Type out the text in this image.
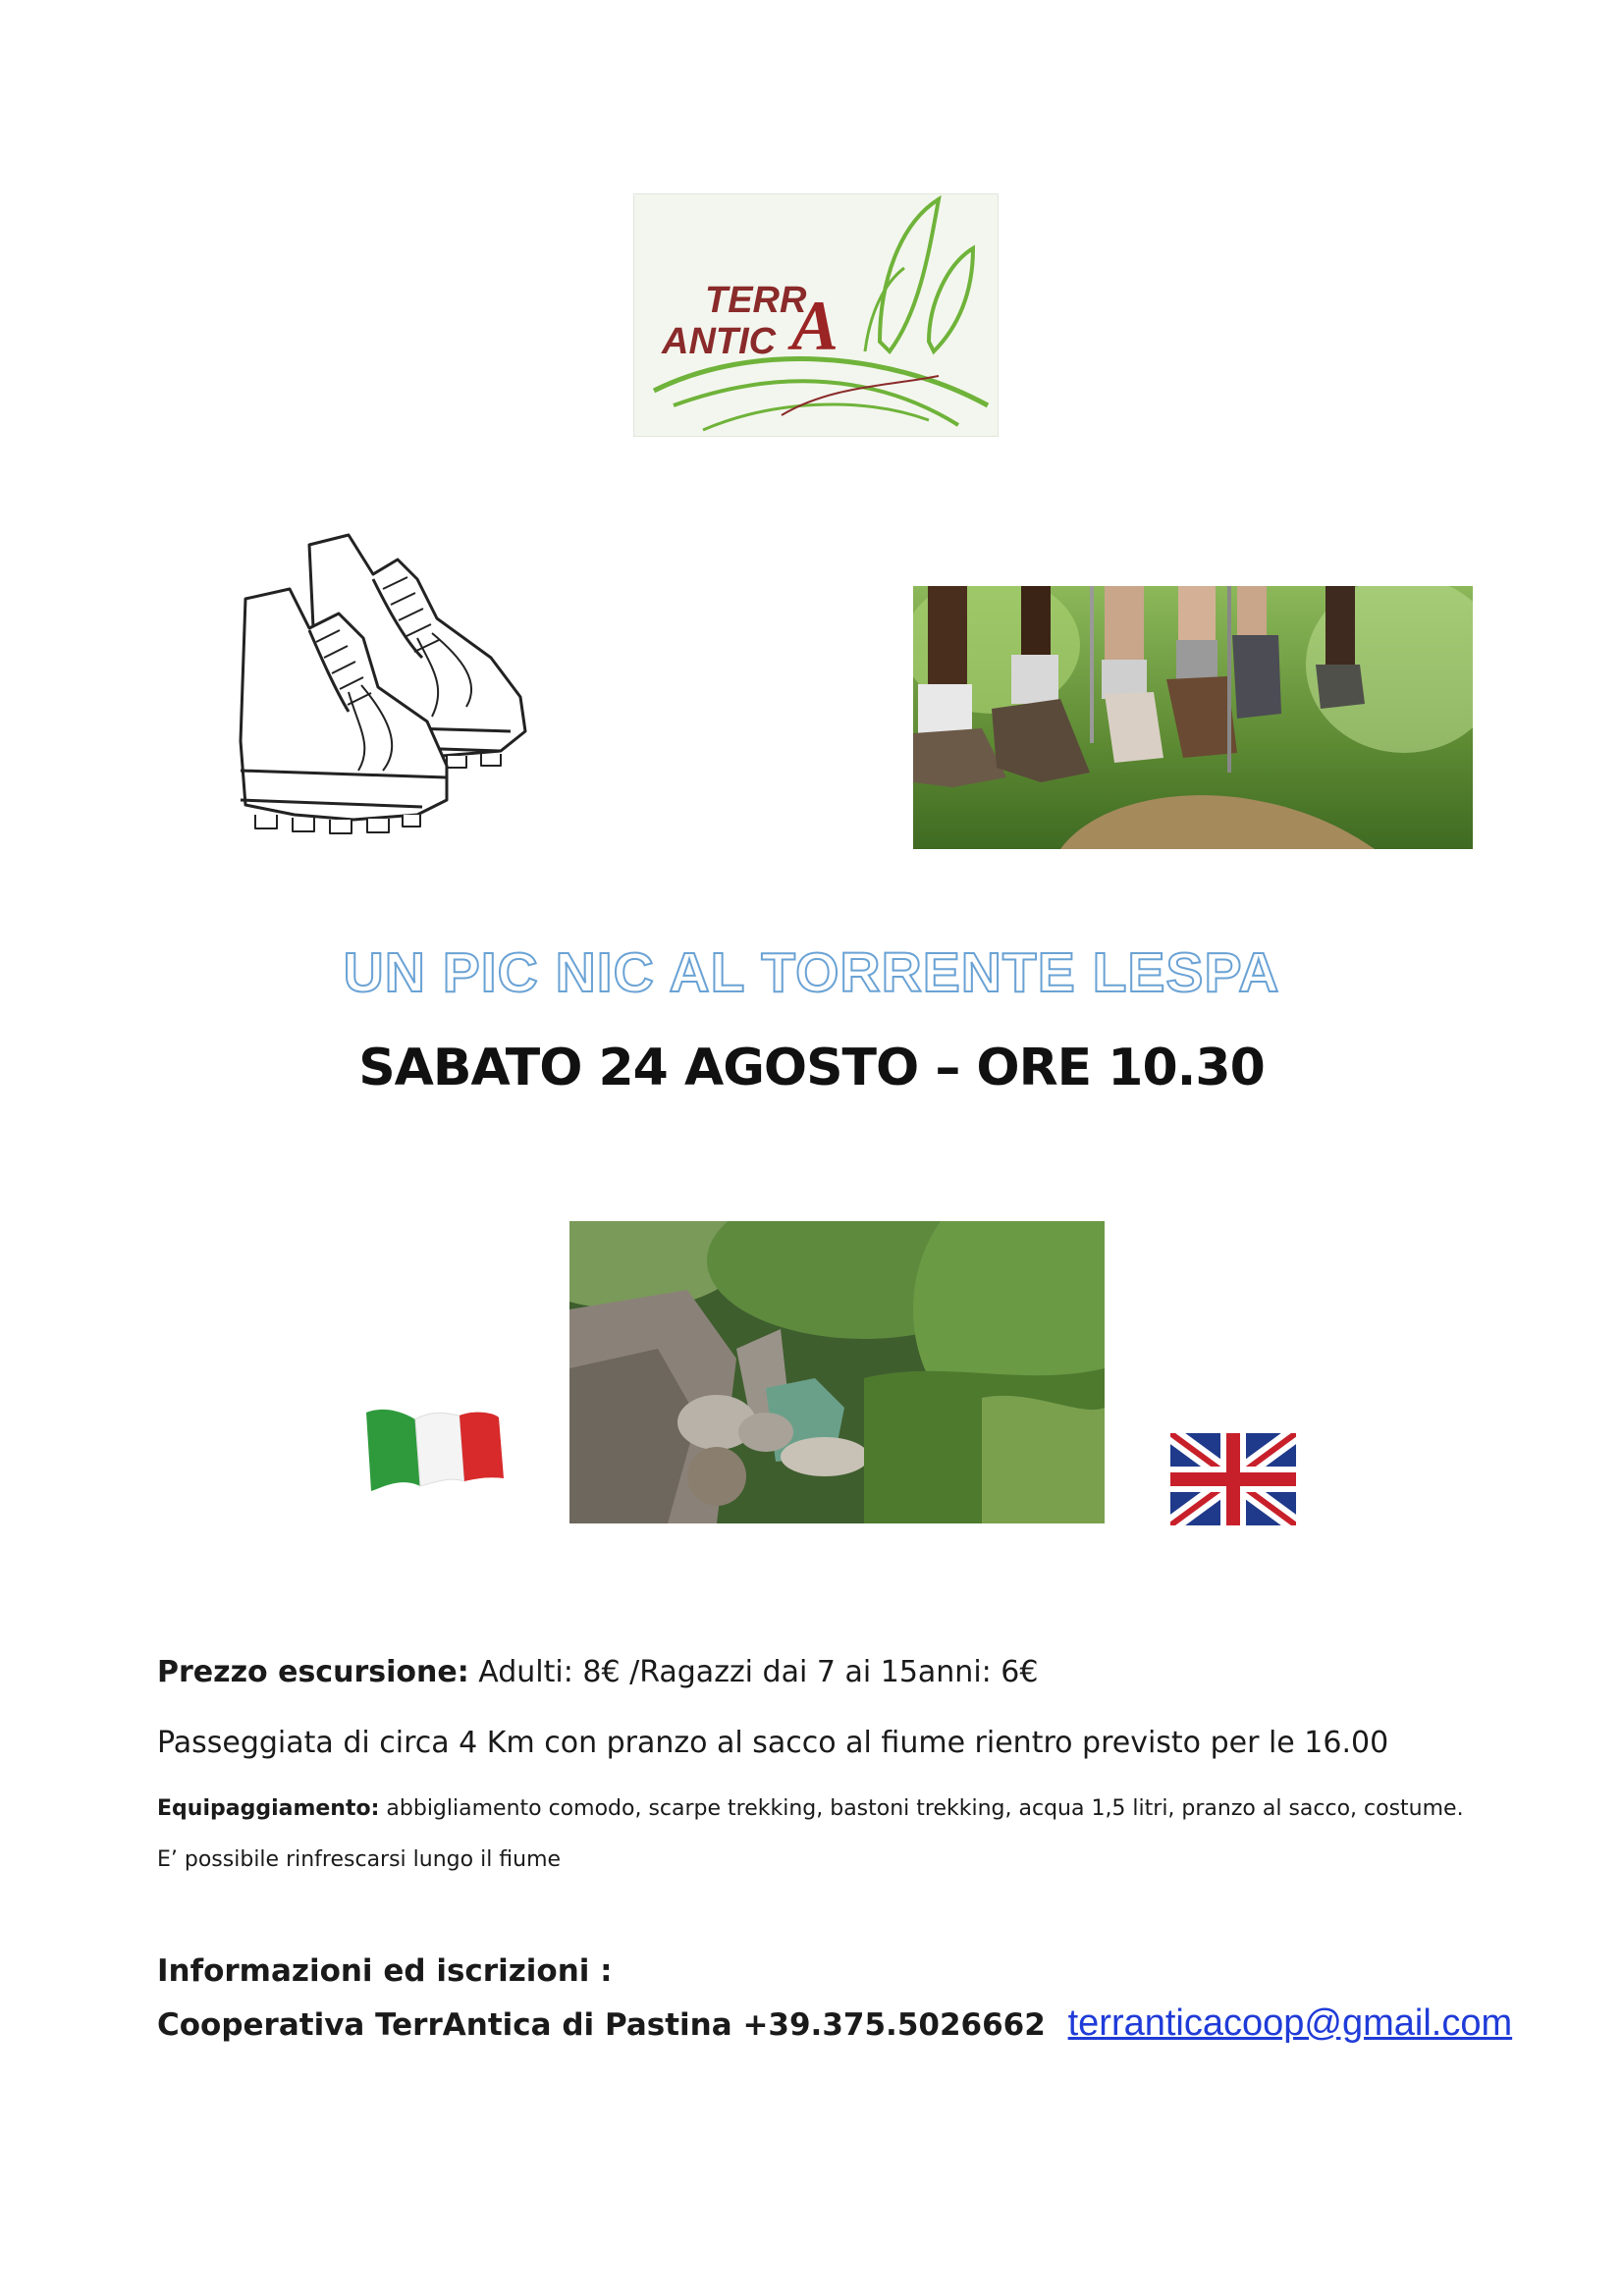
TERR
ANTIC A
UN PIC NIC AL TORRENTE LESPA
SABATO 24 AGOSTO – ORE 10.30
Prezzo escursione: Adulti: 8€ /Ragazzi dai 7 ai 15anni: 6€
Passeggiata di circa 4 Km con pranzo al sacco al fiume rientro previsto per le 16.00
Equipaggiamento: abbigliamento comodo, scarpe trekking, bastoni trekking, acqua 1,5 litri, pranzo al sacco, costume.
E’ possibile rinfrescarsi lungo il fiume
Informazioni ed iscrizioni :
Cooperativa TerrAntica di Pastina +39.375.5026662 terranticacoop@gmail.com
